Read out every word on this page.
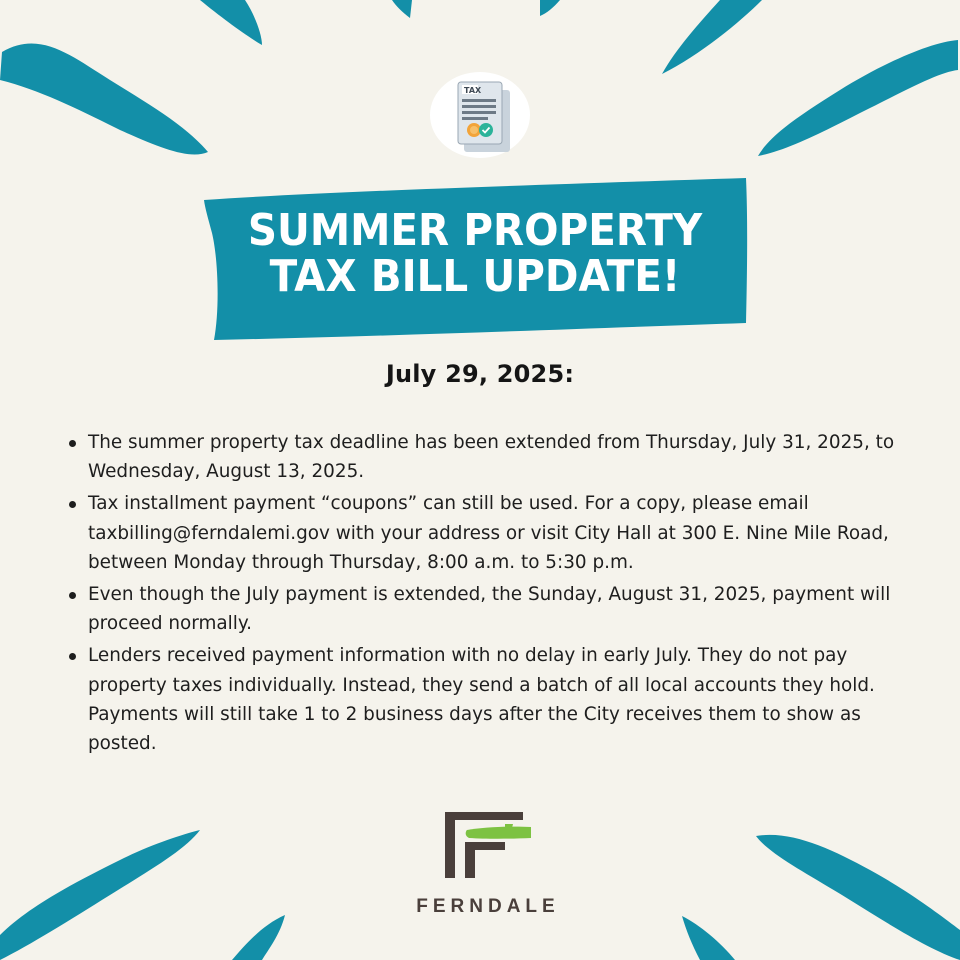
TAX
SUMMER PROPERTY
TAX BILL UPDATE!
July 29, 2025:
The summer property tax deadline has been extended from Thursday, July 31, 2025, to Wednesday, August 13, 2025.
Tax installment payment “coupons” can still be used. For a copy, please email taxbilling@ferndalemi.gov with your address or visit City Hall at 300 E. Nine Mile Road, between Monday through Thursday, 8:00 a.m. to 5:30 p.m.
Even though the July payment is extended, the Sunday, August 31, 2025, payment will proceed normally.
Lenders received payment information with no delay in early July. They do not pay property taxes individually. Instead, they send a batch of all local accounts they hold. Payments will still take 1 to 2 business days after the City receives them to show as posted.

FERNDALE
